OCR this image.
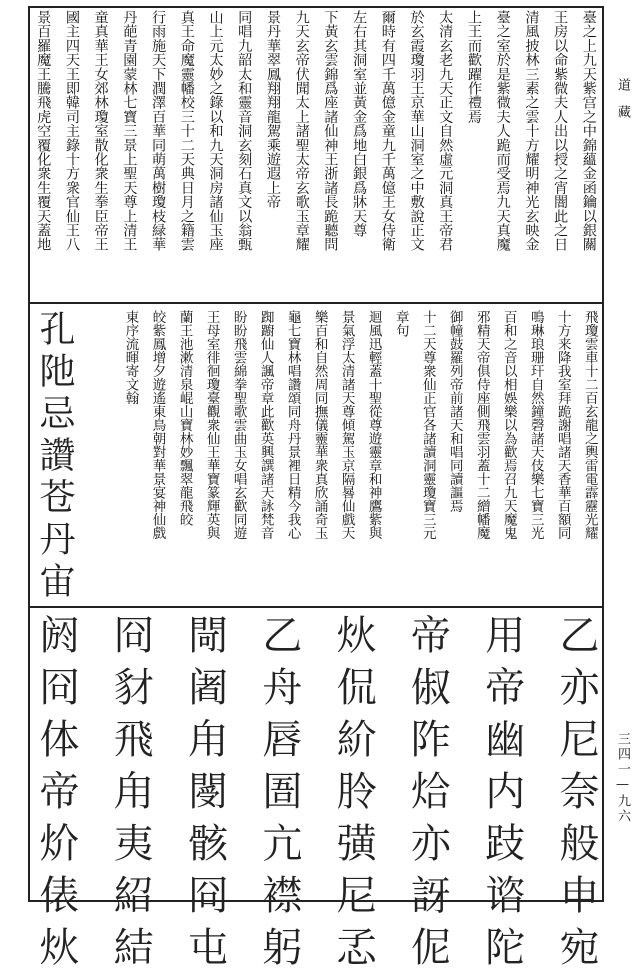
道藏
三四一—九六
臺之上九天紫宫之中錦蘊金函鑰以銀關
王房以命紫微夫人出以授之宵闇此之日
清風披林三素之雲十方耀明神光玄映金
臺之室於是紫微夫人跪而受焉九天真魔
上王而歡躍作禮焉
太清玄老九天正文自然虛元洞真王帝君
於玄霞瓊羽王京華山洞室之中敷說正文
爾時有四千萬億金童九千萬億王女侍衛
左右其洞室並黃金爲地白銀爲牀天尊
下黃玄雲錦爲座諸仙神王浙諸長跪聽問
九天玄帝伏聞太上諸聖太帝玄歌玉章耀
景丹華翠鳳翔翔龍駕乘遊遐上帝
同唱九韶太和靈音洞玄刻石真文以翁甄
山上元太妙之錄以和九天洞房諸仙玉座
真王命魔靈幡校三十二天典日月之籍雲
行雨施天下潤澤百華同萌萬樹瓊枝緑華
丹葩青園蒙林七寶三景上聖天尊上清王
童真華王女郊林瓊室散化衆生拳臣帝王
國主四天王即韓司主錄十方衆官仙王八
景百羅魔王騰飛虎空覆化衆生覆天蓋地
飛瓊雲車十二百玄龍之輿雷電霹靂光耀
十方来降我室拜跪謝唱諸天香華百額同
鳴琳琅珊玕自然鐘磬諸天伎樂七寶三光
百和之音以相娛樂以為歡焉召九天魔鬼
邪精天帝俱侍座側飛雲羽蓋十二繒幡魔
御幢鼓羅列帝前諸天和唱同讀謳焉
十二天尊衆仙正官各諸讀洞靈瓊寶三元
章句
迴風迅輕蓋十聖從尊遊靈章和神鷹紫與
景氣浮太清諸天尊傾駕玉京隔晷仙戲天
樂百和自然周同撫儀靈華衆真欣誦奇玉
龜七寶林唱讚頌同舟丹景裡日精今我心
踟躕仙人諷帝章此歡英興譔諸天詠梵音
盼盼飛雲綿拳聖歌雲曲玉女唱玄歡同遊
王母室徘徊瓊臺觀衆仙王華寶篆輝英與
蘭王池漱清泉崐山寶林妙飄翠龍飛皎
皎紫鳳增夕遊遙東鳥朝對華景宴神仙戲
東序流暉寄文翰
孔阤忌讚苍丹宙
乙亦尼奈般申宛
用帝幽内跂谘陀
帝俶阼烚亦訝伲
炏侃紒朎彉尼孞
乙舟唇圄亢襟躬
閜阇甪閿骸冏屯
冏豺飛甪夷紹結
阏冏体帝炌俵炏
